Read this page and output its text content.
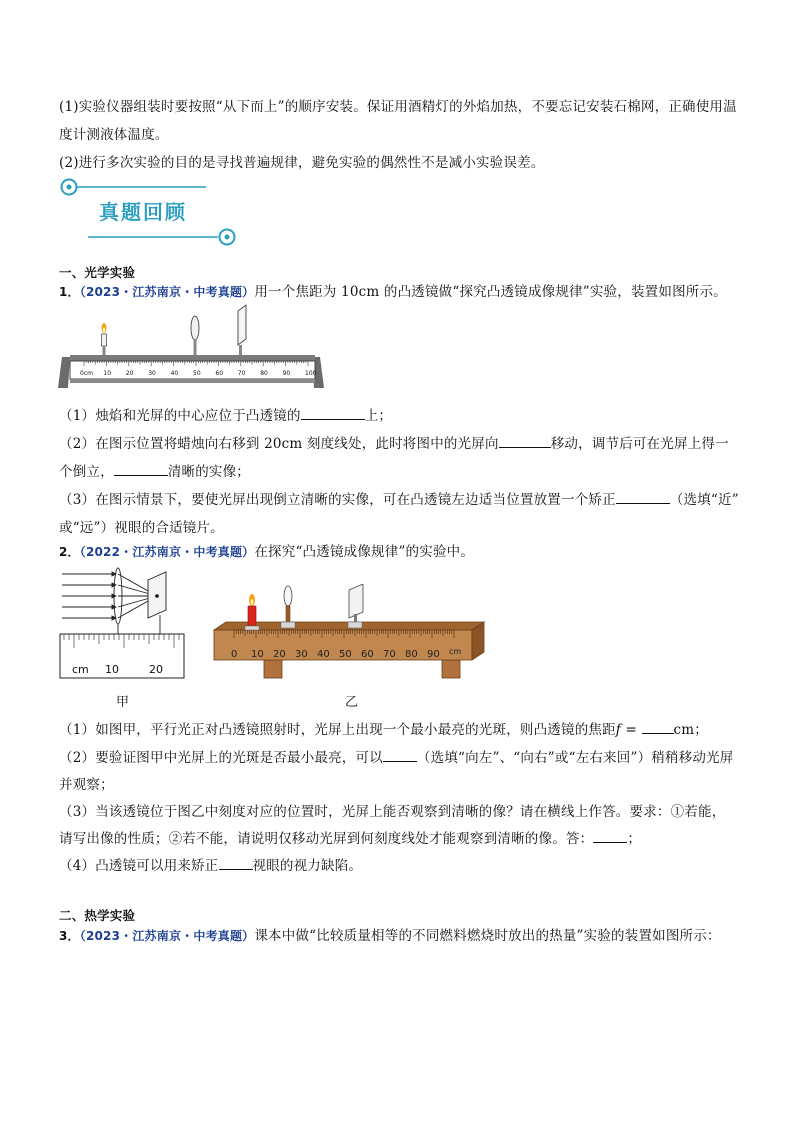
(1)实验仪器组装时要按照“从下而上”的顺序安装。保证用酒精灯的外焰加热，不要忘记安装石棉网，正确使用温
度计测液体温度。
(2)进行多次实验的目的是寻找普遍规律，避免实验的偶然性不是减小实验误差。
真题回顾
一、光学实验
1．（2023・江苏南京・中考真题）用一个焦距为 10cm 的凸透镜做“探究凸透镜成像规律”实验，装置如图所示。
0cm 10 20 30 40 50 60 70 80 90 100
（1）烛焰和光屏的中心应位于凸透镜的	上；
（2）在图示位置将蜡烛向右移到 20cm 刻度线处，此时将图中的光屏向	移动，调节后可在光屏上得一
个倒立，	清晰的实像；
（3）在图示情景下，要使光屏出现倒立清晰的实像，可在凸透镜左边适当位置放置一个矫正	（选填“近”
或“远”）视眼的合适镜片。
2．（2022・江苏南京・中考真题）在探究“凸透镜成像规律”的实验中。
cm 10	20
甲
0 10 20 30 40 50 60 70 80 90 cm
乙
（1）如图甲，平行光正对凸透镜照射时，光屏上出现一个最小最亮的光斑，则凸透镜的焦距f = cm；
（2）要验证图甲中光屏上的光斑是否最小最亮，可以	（选填“向左”、“向右”或“左右来回”）稍稍移动光屏
并观察；
（3）当该透镜位于图乙中刻度对应的位置时，光屏上能否观察到清晰的像？请在横线上作答。要求：①若能，
请写出像的性质；②若不能，请说明仅移动光屏到何刻度线处才能观察到清晰的像。答：	；
（4）凸透镜可以用来矫正	视眼的视力缺陷。
二、热学实验
3．（2023・江苏南京・中考真题）课本中做“比较质量相等的不同燃料燃烧时放出的热量”实验的装置如图所示：
